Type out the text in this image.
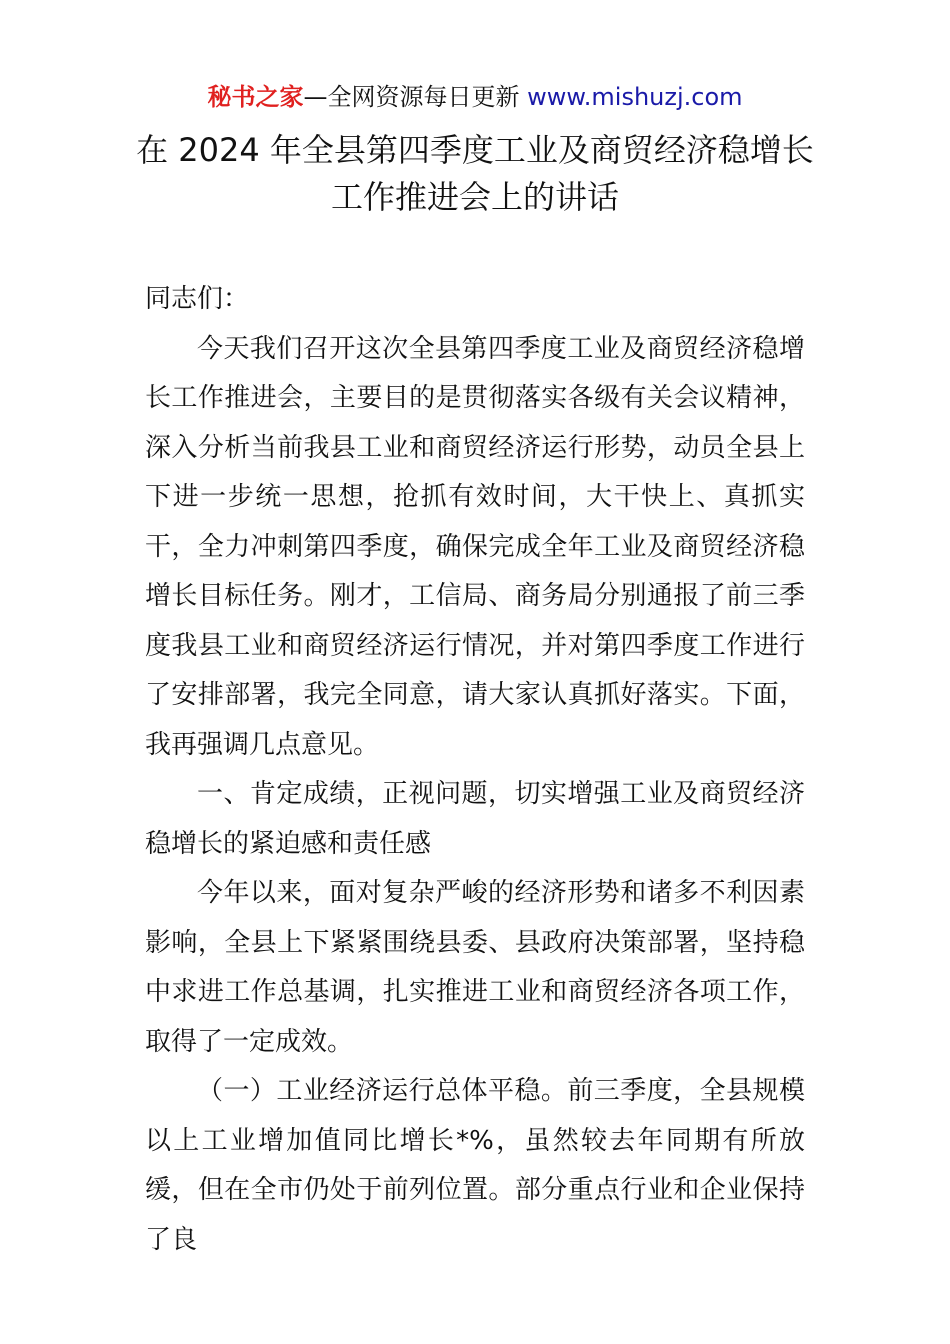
秘书之家—全网资源每日更新 www.mishuzj.com
在 2024 年全县第四季度工业及商贸经济稳增长
工作推进会上的讲话

同志们：

今天我们召开这次全县第四季度工业及商贸经济稳增长工作推进会，主要目的是贯彻落实各级有关会议精神，深入分析当前我县工业和商贸经济运行形势，动员全县上下进一步统一思想，抢抓有效时间，大干快上、真抓实干，全力冲刺第四季度，确保完成全年工业及商贸经济稳增长目标任务。刚才，工信局、商务局分别通报了前三季度我县工业和商贸经济运行情况，并对第四季度工作进行了安排部署，我完全同意，请大家认真抓好落实。下面，我再强调几点意见。

一、肯定成绩，正视问题，切实增强工业及商贸经济稳增长的紧迫感和责任感

今年以来，面对复杂严峻的经济形势和诸多不利因素影响，全县上下紧紧围绕县委、县政府决策部署，坚持稳中求进工作总基调，扎实推进工业和商贸经济各项工作，取得了一定成效。

（一）工业经济运行总体平稳。前三季度，全县规模以上工业增加值同比增长*%，虽然较去年同期有所放缓，但在全市仍处于前列位置。部分重点行业和企业保持了良
